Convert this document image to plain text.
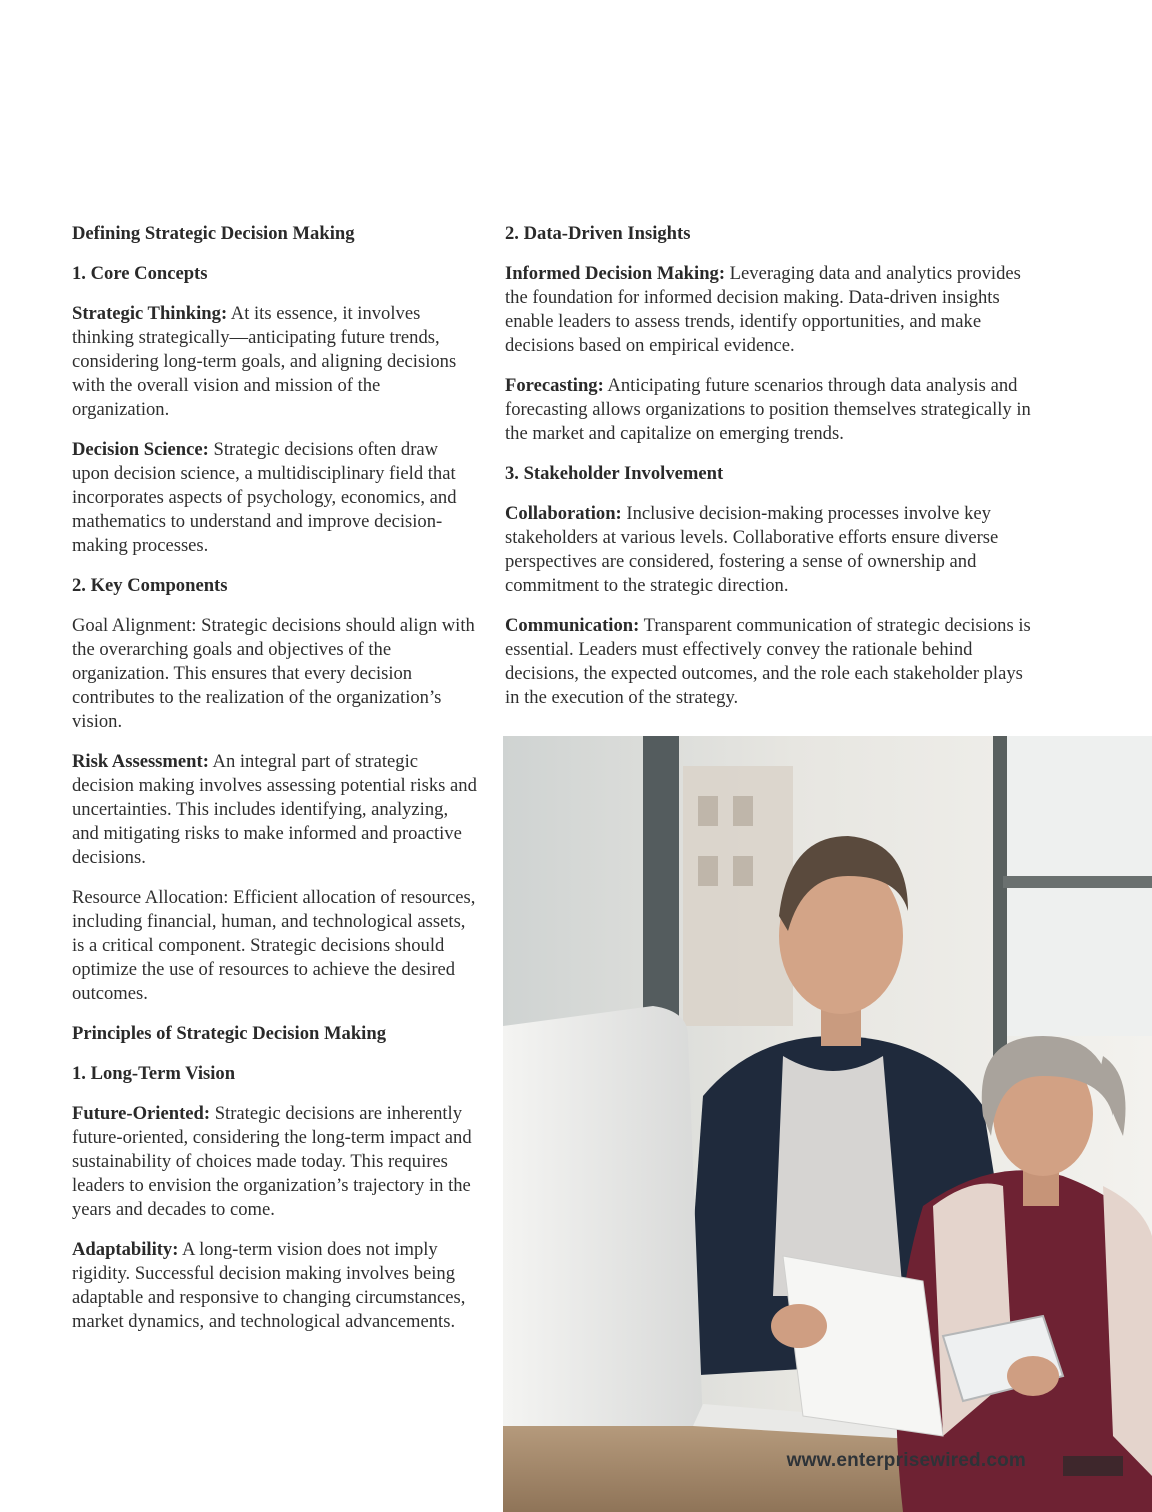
Defining Strategic Decision Making
1. Core Concepts

Strategic Thinking: At its essence, it involves thinking strategically—anticipating future trends, considering long-term goals, and aligning decisions with the overall vision and mission of the organization.

Decision Science: Strategic decisions often draw upon decision science, a multidisciplinary field that incorporates aspects of psychology, economics, and mathematics to understand and improve decision-making processes.

2. Key Components

Goal Alignment: Strategic decisions should align with the overarching goals and objectives of the organization. This ensures that every decision contributes to the realization of the organization’s vision.

Risk Assessment: An integral part of strategic decision making involves assessing potential risks and uncertainties. This includes identifying, analyzing, and mitigating risks to make informed and proactive decisions.

Resource Allocation: Efficient allocation of resources, including financial, human, and technological assets, is a critical component. Strategic decisions should optimize the use of resources to achieve the desired outcomes.

Principles of Strategic Decision Making
1. Long-Term Vision

Future-Oriented: Strategic decisions are inherently future-oriented, considering the long-term impact and sustainability of choices made today. This requires leaders to envision the organization’s trajectory in the years and decades to come.

Adaptability: A long-term vision does not imply rigidity. Successful decision making involves being adaptable and responsive to changing circumstances, market dynamics, and technological advancements.

2. Data-Driven Insights

Informed Decision Making: Leveraging data and analytics provides the foundation for informed decision making. Data-driven insights enable leaders to assess trends, identify opportunities, and make decisions based on empirical evidence.

Forecasting: Anticipating future scenarios through data analysis and forecasting allows organizations to position themselves strategically in the market and capitalize on emerging trends.

3. Stakeholder Involvement

Collaboration: Inclusive decision-making processes involve key stakeholders at various levels. Collaborative efforts ensure diverse perspectives are considered, fostering a sense of ownership and commitment to the strategic direction.

Communication: Transparent communication of strategic decisions is essential. Leaders must effectively convey the rationale behind decisions, the expected outcomes, and the role each stakeholder plays in the execution of the strategy.

www.enterprisewired.com
